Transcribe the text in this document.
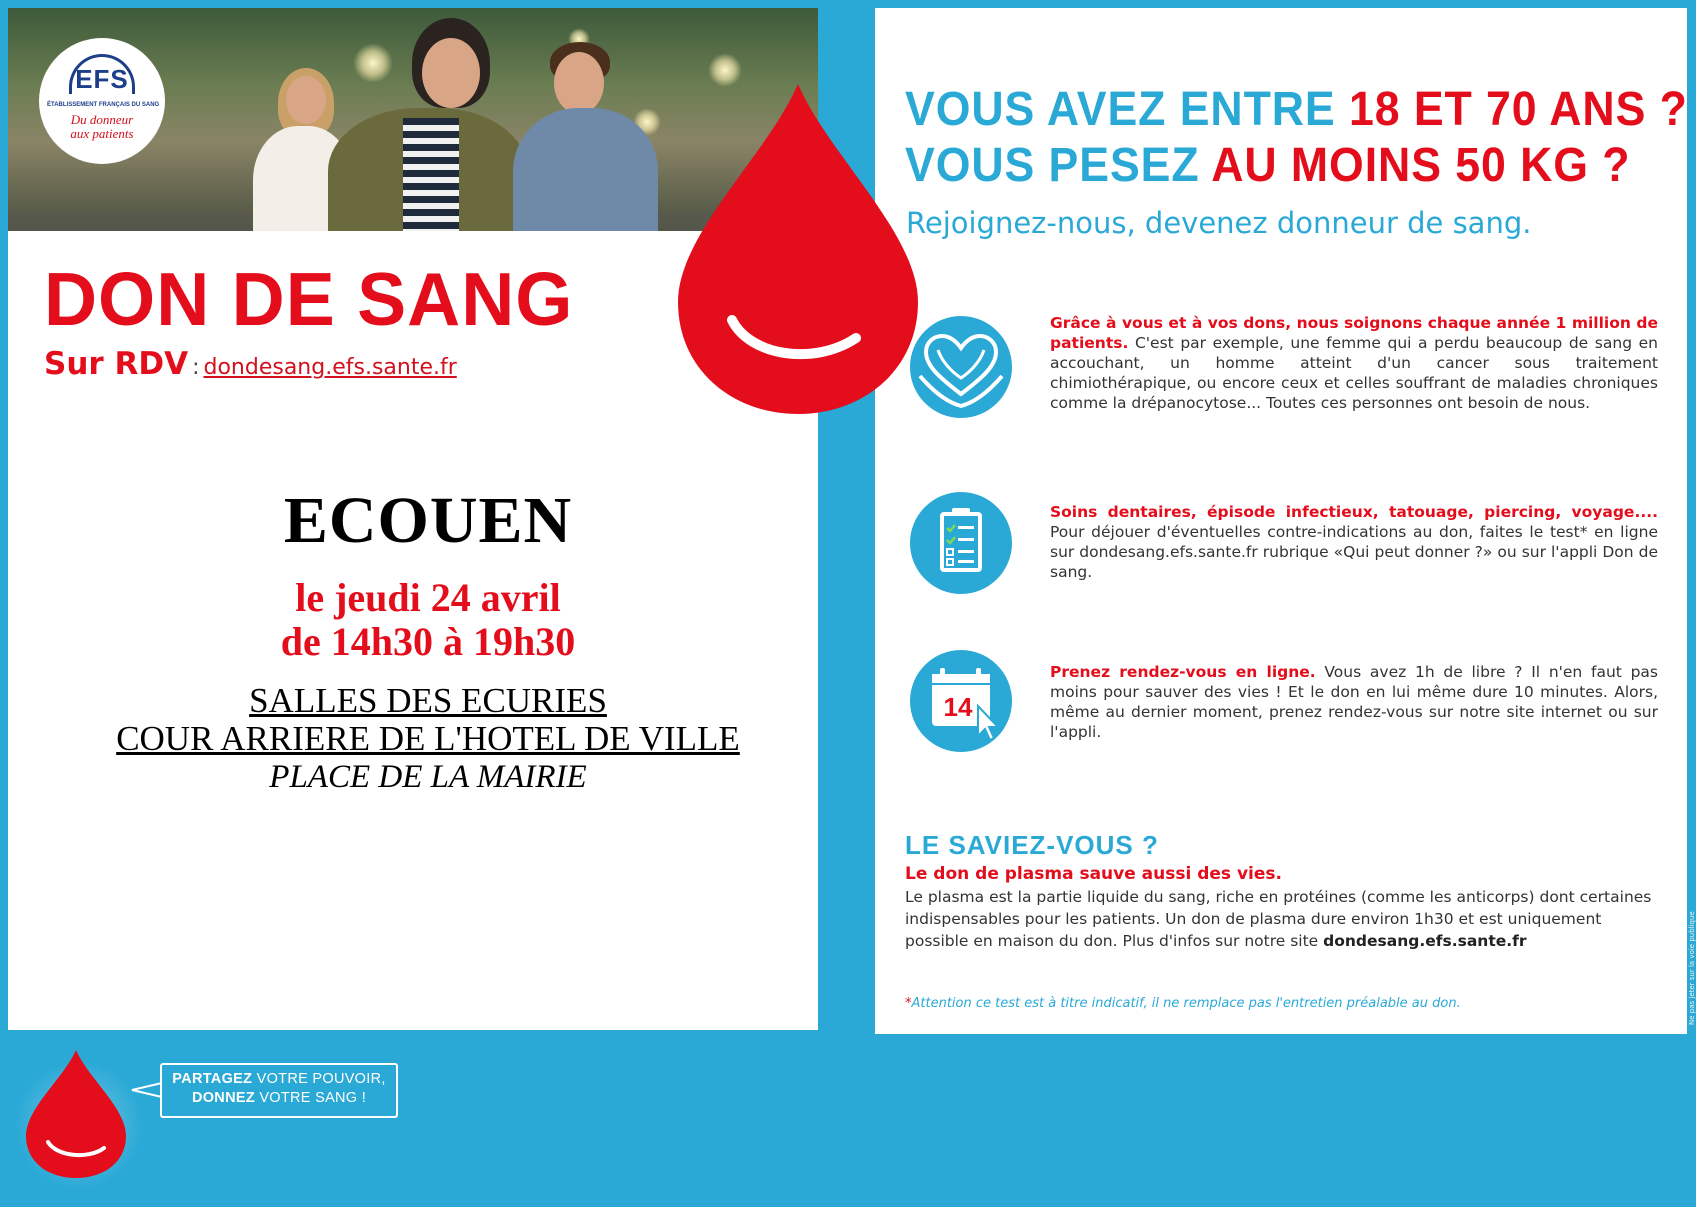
EFS
ÉTABLISSEMENT FRANÇAIS DU SANG
Du donneur
aux patients
DON DE SANG
Sur RDV : dondesang.efs.sante.fr
ECOUEN
le jeudi 24 avril
de 14h30 à 19h30
SALLES DES ECURIES
COUR ARRIERE DE L'HOTEL DE VILLE
PLACE DE LA MAIRIE
VOUS AVEZ ENTRE 18 ET 70 ANS ?
VOUS PESEZ AU MOINS 50 KG ?
Rejoignez-nous, devenez donneur de sang.
Grâce à vous et à vos dons, nous soignons chaque année 1 million de patients. C'est par exemple, une femme qui a perdu beaucoup de sang en accouchant, un homme atteint d'un cancer sous traitement chimiothérapique, ou encore ceux et celles souffrant de maladies chroniques comme la drépanocytose... Toutes ces personnes ont besoin de nous.
Soins dentaires, épisode infectieux, tatouage, piercing, voyage.... Pour déjouer d'éventuelles contre-indications au don, faites le test* en ligne sur dondesang.efs.sante.fr rubrique «Qui peut donner ?» ou sur l'appli Don de sang.
14
Prenez rendez-vous en ligne. Vous avez 1h de libre ? Il n'en faut pas moins pour sauver des vies ! Et le don en lui même dure 10 minutes. Alors, même au dernier moment, prenez rendez-vous sur notre site internet ou sur l'appli.
LE SAVIEZ-VOUS ?
Le don de plasma sauve aussi des vies.
Le plasma est la partie liquide du sang, riche en protéines (comme les anticorps) dont certaines indispensables pour les patients. Un don de plasma dure environ 1h30 et est uniquement possible en maison du don. Plus d'infos sur notre site dondesang.efs.sante.fr
*Attention ce test est à titre indicatif, il ne remplace pas l'entretien préalable au don.	Ne pas jeter sur la voie publique
PARTAGEZ VOTRE POUVOIR,
DONNEZ VOTRE SANG !
